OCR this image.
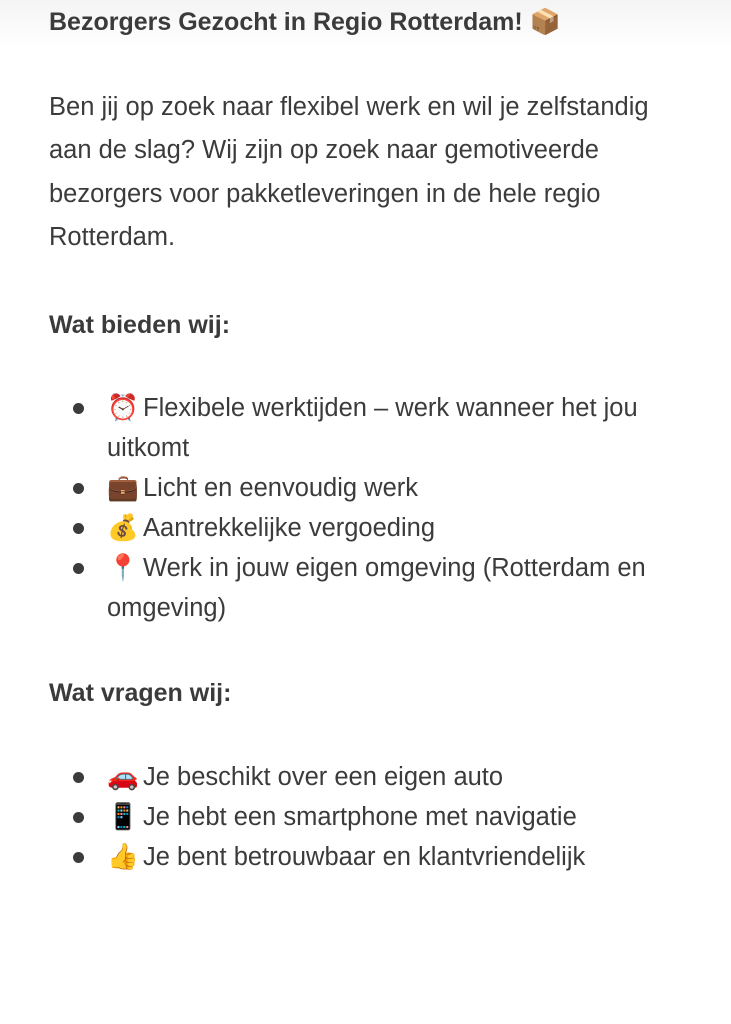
Bezorgers Gezocht in Regio Rotterdam! 📦
Ben jij op zoek naar flexibel werk en wil je zelfstandig aan de slag? Wij zijn op zoek naar gemotiveerde bezorgers voor pakketleveringen in de hele regio Rotterdam.
Wat bieden wij:
⏰ Flexibele werktijden – werk wanneer het jou uitkomt
💼 Licht en eenvoudig werk
💰 Aantrekkelijke vergoeding
📍 Werk in jouw eigen omgeving (Rotterdam en omgeving)
Wat vragen wij:
🚗 Je beschikt over een eigen auto
📱 Je hebt een smartphone met navigatie
👍 Je bent betrouwbaar en klantvriendelijk
